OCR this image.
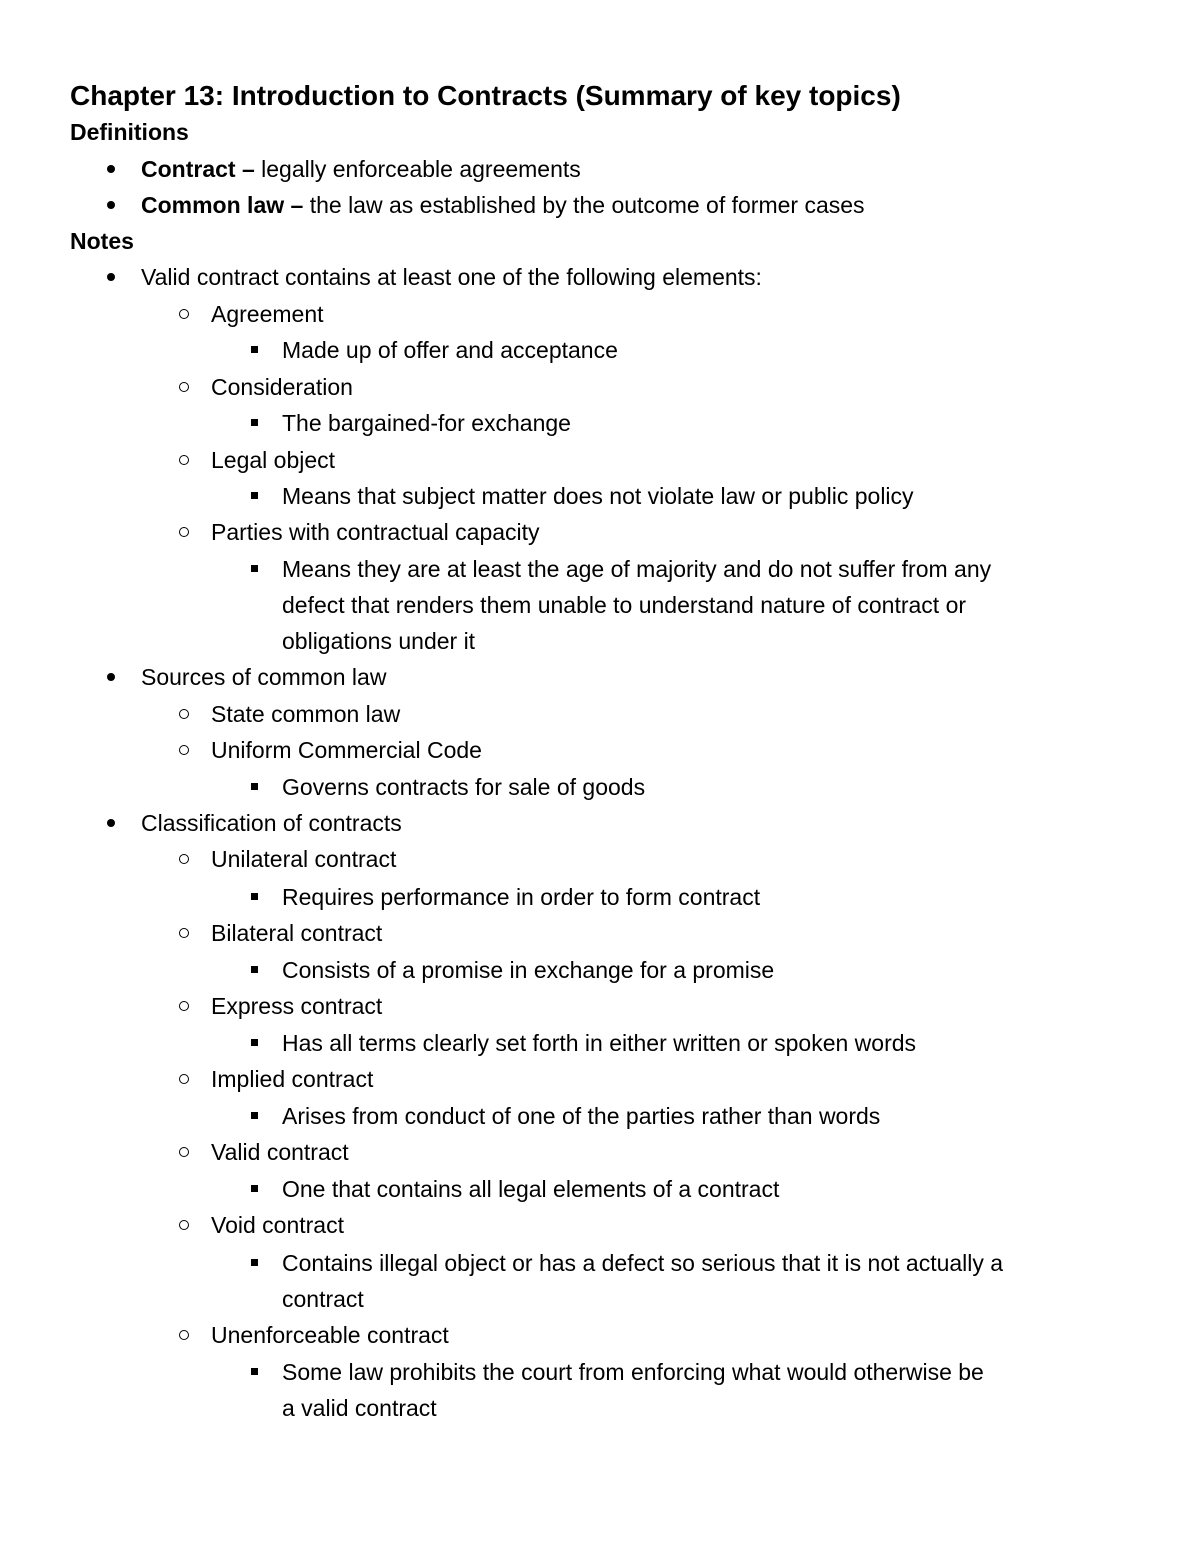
Chapter 13: Introduction to Contracts (Summary of key topics)
Definitions
Contract – legally enforceable agreements
Common law – the law as established by the outcome of former cases
Notes
Valid contract contains at least one of the following elements:
Agreement
Made up of offer and acceptance
Consideration
The bargained-for exchange
Legal object
Means that subject matter does not violate law or public policy
Parties with contractual capacity
Means they are at least the age of majority and do not suffer from any
defect that renders them unable to understand nature of contract or
obligations under it
Sources of common law
State common law
Uniform Commercial Code
Governs contracts for sale of goods
Classification of contracts
Unilateral contract
Requires performance in order to form contract
Bilateral contract
Consists of a promise in exchange for a promise
Express contract
Has all terms clearly set forth in either written or spoken words
Implied contract
Arises from conduct of one of the parties rather than words
Valid contract
One that contains all legal elements of a contract
Void contract
Contains illegal object or has a defect so serious that it is not actually a
contract
Unenforceable contract
Some law prohibits the court from enforcing what would otherwise be
a valid contract
